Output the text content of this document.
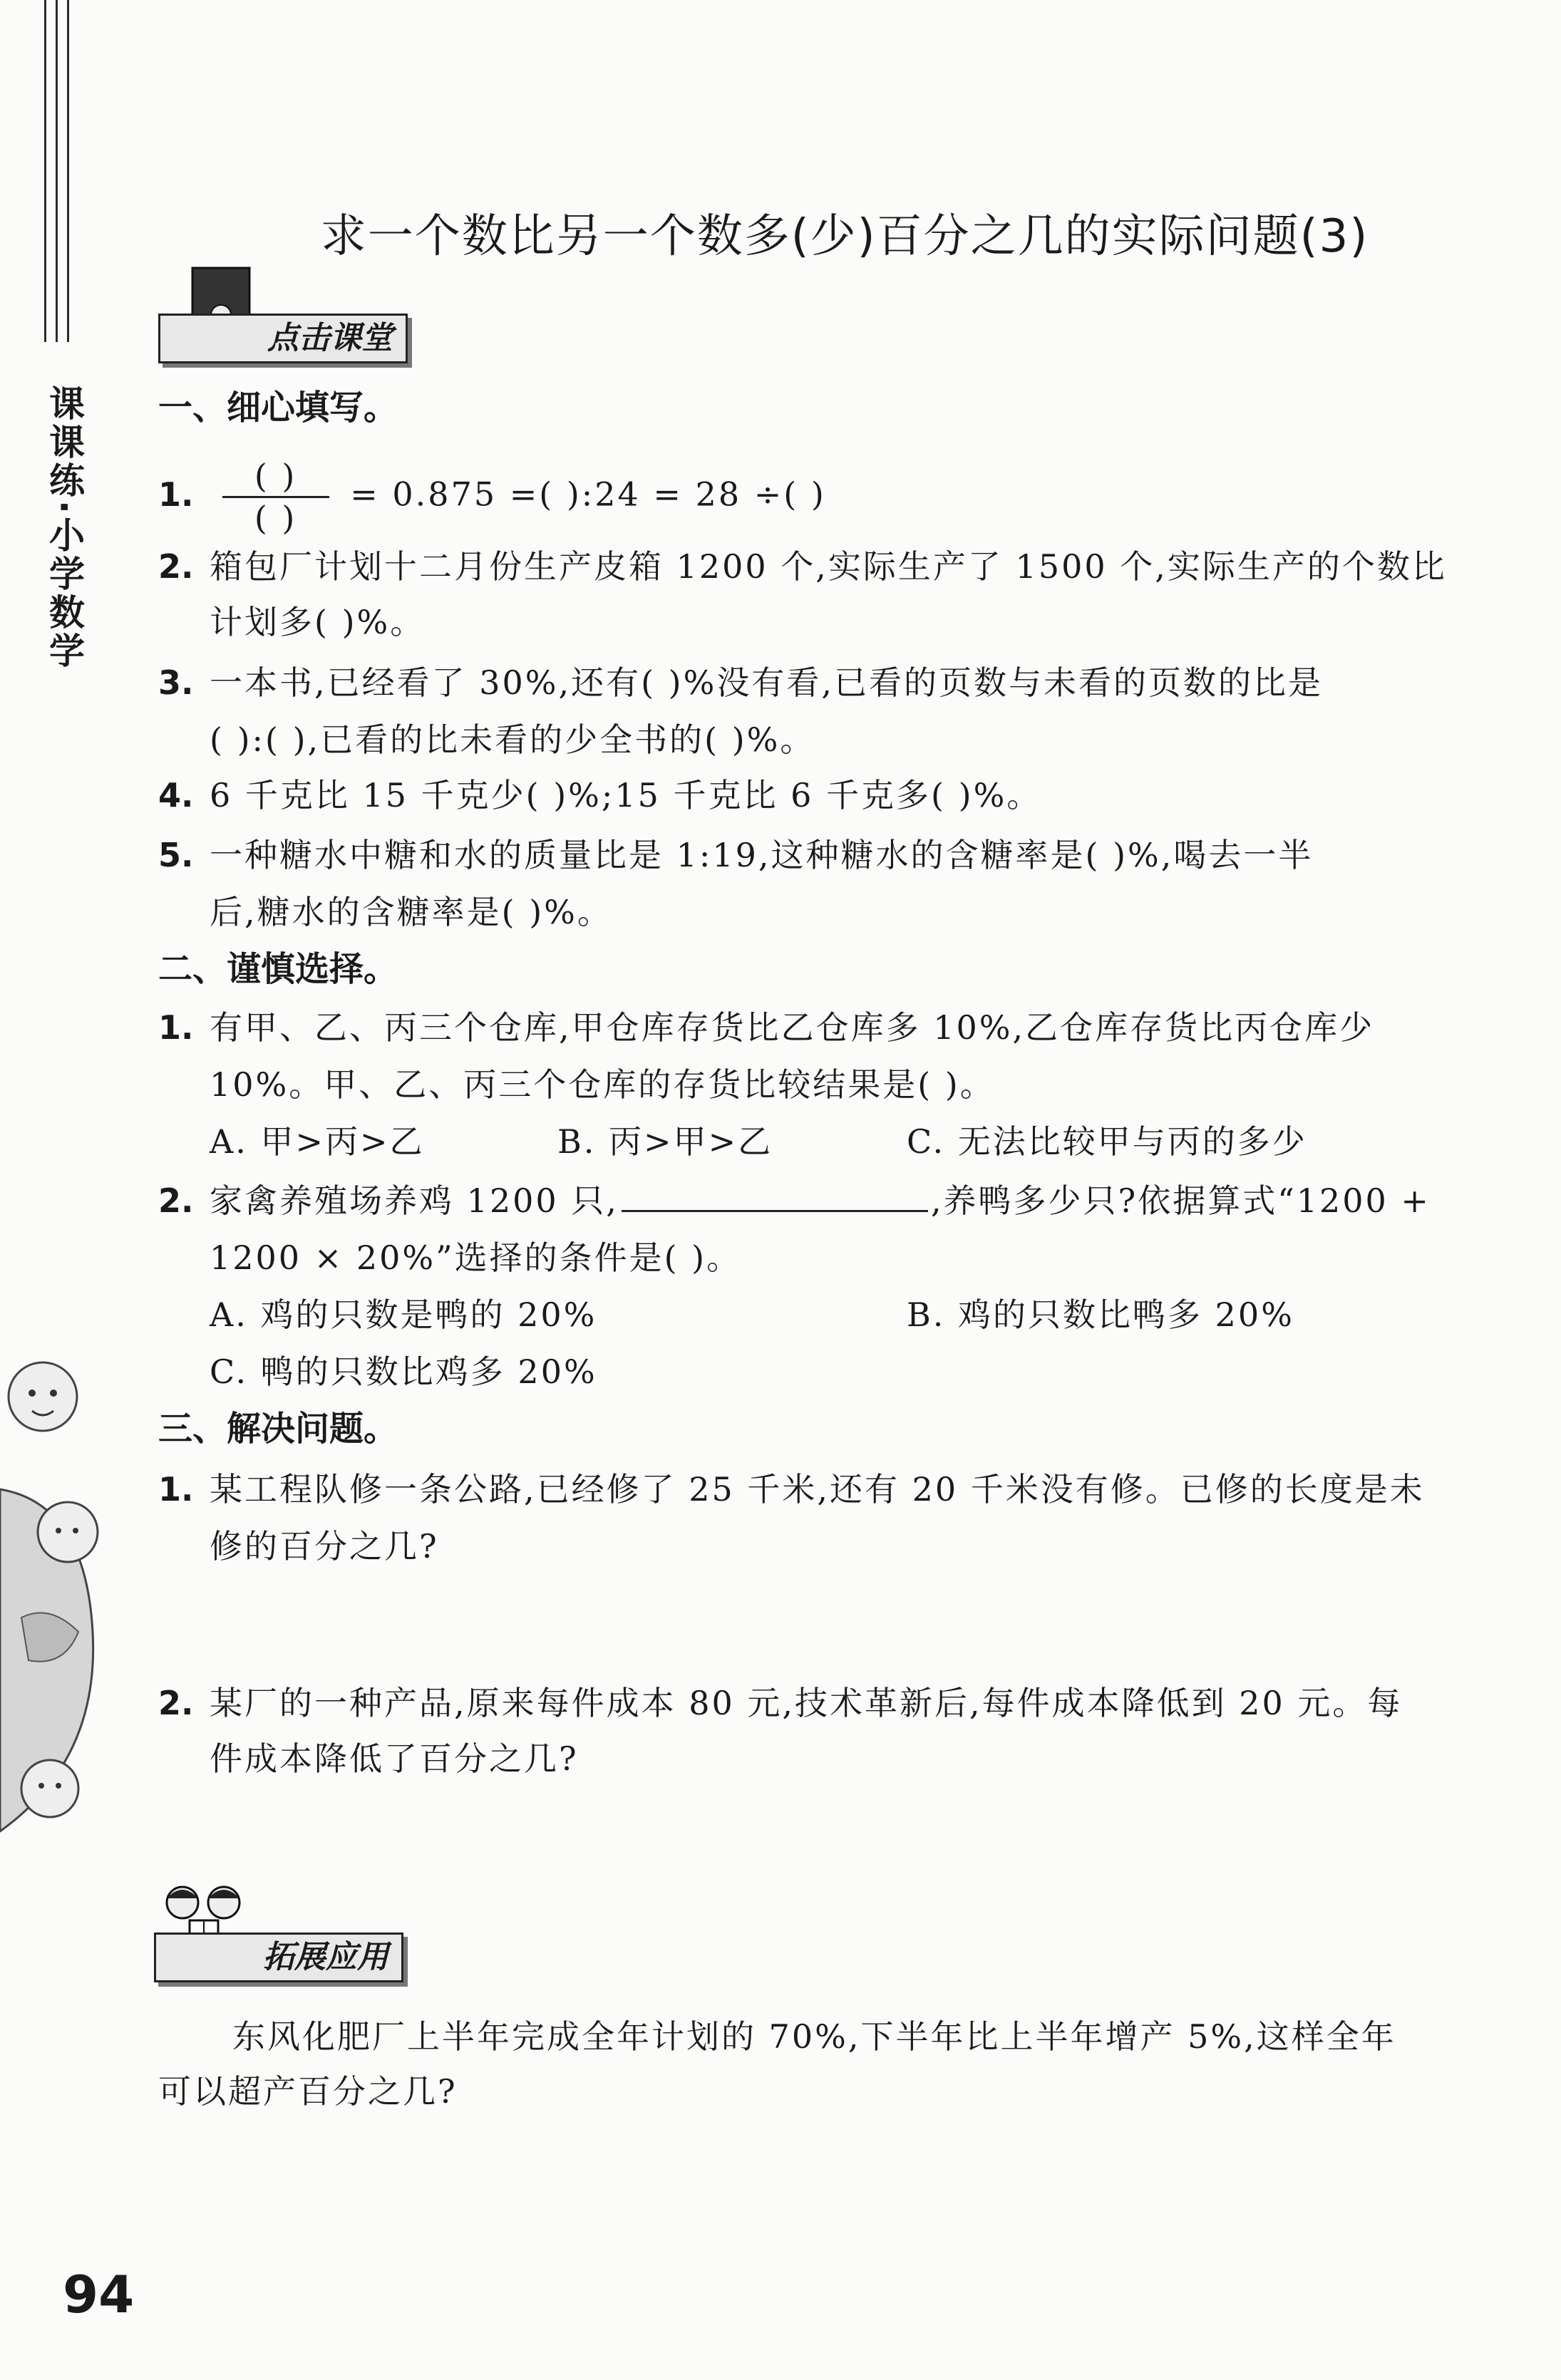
课课练·小学数学
求一个数比另一个数多(少)百分之几的实际问题(3)
点击课堂
一、细心填写。
1. $\frac{( )}{( )} = 0.875$ =( ):24 = 28 ÷( )
2. 箱包厂计划十二月份生产皮箱 1200 个,实际生产了 1500 个,实际生产的个数比
计划多( )%。
3. 一本书,已经看了 30%,还有( )%没有看,已看的页数与未看的页数的比是
( ):( ),已看的比未看的少全书的( )%。
4. 6 千克比 15 千克少( )%;15 千克比 6 千克多( )%。
5. 一种糖水中糖和水的质量比是 1:19,这种糖水的含糖率是( )%,喝去一半
后,糖水的含糖率是( )%。
二、谨慎选择。
1. 有甲、乙、丙三个仓库,甲仓库存货比乙仓库多 10%,乙仓库存货比丙仓库少
10%。甲、乙、丙三个仓库的存货比较结果是( )。
A. 甲>丙>乙	B. 丙>甲>乙	C. 无法比较甲与丙的多少
2. 家禽养殖场养鸡 1200 只,	,养鸭多少只?依据算式“1200 +
1200 × 20%”选择的条件是( )。
A. 鸡的只数是鸭的 20%	B. 鸡的只数比鸭多 20%
C. 鸭的只数比鸡多 20%
三、解决问题。
1. 某工程队修一条公路,已经修了 25 千米,还有 20 千米没有修。已修的长度是未
修的百分之几?
2. 某厂的一种产品,原来每件成本 80 元,技术革新后,每件成本降低到 20 元。每
件成本降低了百分之几?
拓展应用
东风化肥厂上半年完成全年计划的 70%,下半年比上半年增产 5%,这样全年
可以超产百分之几?
94
